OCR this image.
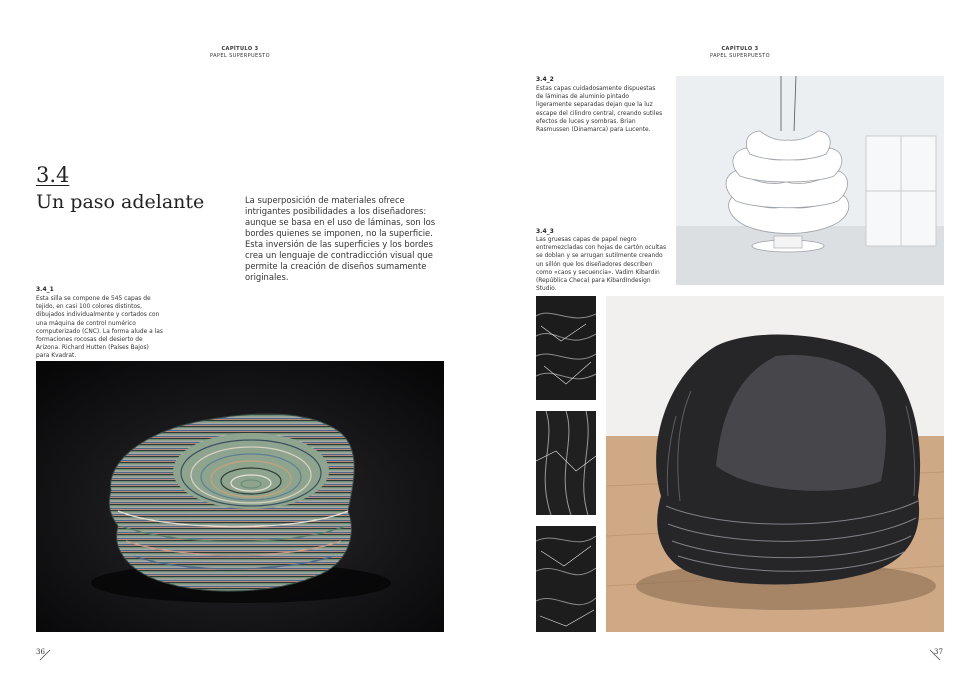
CAPÍTULO 3
PAPEL SUPERPUESTO
3.4
Un paso adelante	La superposición de materiales ofrece intrigantes posibilidades a los diseñadores: aunque se basa en el uso de láminas, son los bordes quienes se imponen, no la superficie. Esta inversión de las superficies y los bordes crea un lenguaje de contradicción visual que permite la creación de diseños sumamente originales.
3.4_1
Esta silla se compone de 545 capas de tejido, en casi 100 colores distintos, dibujados individualmente y cortados con una máquina de control numérico computerizado (CNC). La forma alude a las formaciones rocosas del desierto de Arizona. Richard Hutten (Países Bajos) para Kvadrat.
36
CAPÍTULO 3
PAPEL SUPERPUESTO
3.4_2
Estas capas cuidadosamente dispuestas de láminas de aluminio pintado ligeramente separadas dejan que la luz escape del cilindro central, creando sutiles efectos de luces y sombras. Brian Rasmussen (Dinamarca) para Lucente.
3.4_3
Las gruesas capas de papel negro entremezcladas con hojas de cartón ocultas se doblan y se arrugan sutilmente creando un sillón que los diseñadores describen como «caos y secuencia». Vadim Kibardin (República Checa) para KibardIndesign Studio.
37
